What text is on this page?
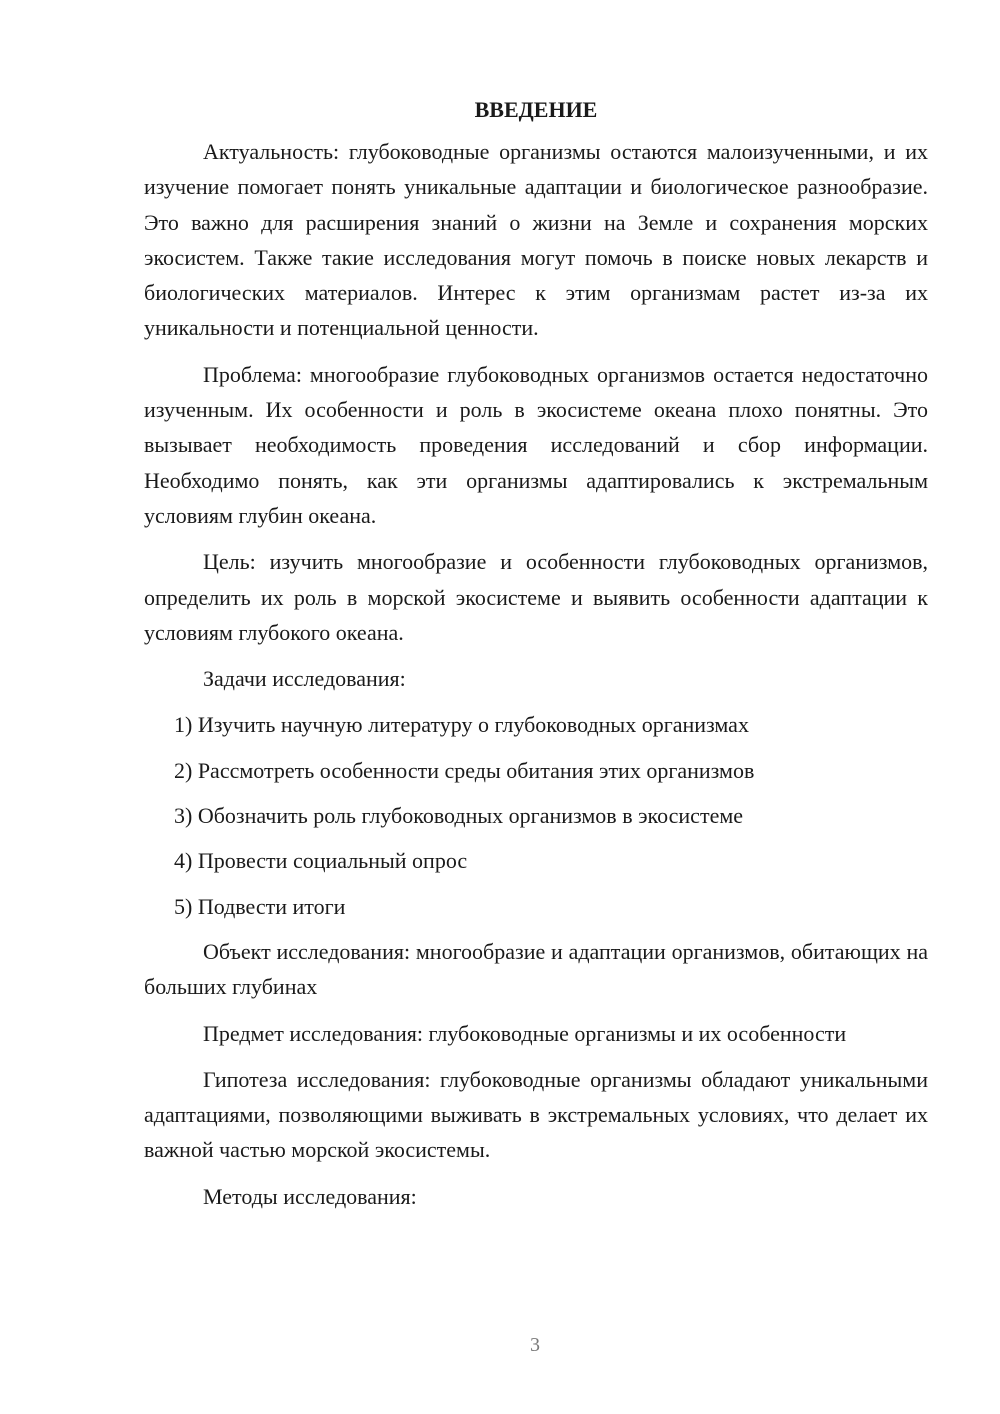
ВВЕДЕНИЕ

Актуальность: глубоководные организмы остаются малоизученными, и их изучение помогает понять уникальные адаптации и биологическое разнообразие. Это важно для расширения знаний о жизни на Земле и сохранения морских экосистем. Также такие исследования могут помочь в поиске новых лекарств и биологических материалов. Интерес к этим организмам растет из-за их уникальности и потенциальной ценности.

Проблема: многообразие глубоководных организмов остается недостаточно изученным. Их особенности и роль в экосистеме океана плохо понятны. Это вызывает необходимость проведения исследований и сбор информации. Необходимо понять, как эти организмы адаптировались к экстремальным условиям глубин океана.

Цель: изучить многообразие и особенности глубоководных организмов, определить их роль в морской экосистеме и выявить особенности адаптации к условиям глубокого океана.

Задачи исследования:

1) Изучить научную литературу о глубоководных организмах

2) Рассмотреть особенности среды обитания этих организмов

3) Обозначить роль глубоководных организмов в экосистеме

4) Провести социальный опрос

5) Подвести итоги

Объект исследования: многообразие и адаптации организмов, обитающих на больших глубинах

Предмет исследования: глубоководные организмы и их особенности

Гипотеза исследования: глубоководные организмы обладают уникальными адаптациями, позволяющими выживать в экстремальных условиях, что делает их важной частью морской экосистемы.

Методы исследования:

3
